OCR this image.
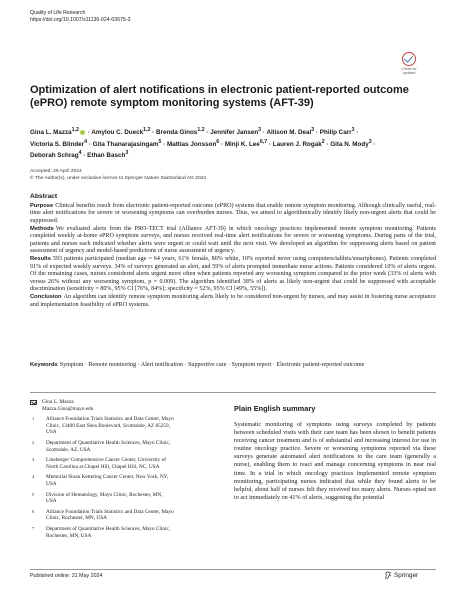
Quality of Life Research
https://doi.org/10.1007/s11136-024-03675-3
Check for
updates
Optimization of alert notifications in electronic patient-reported outcome (ePRO) remote symptom monitoring systems (AFT-39)
Gina L. Mazza$^{1,2}$ · Amylou C. Dueck$^{1,2}$ · Brenda Ginos$^{1,2}$ · Jennifer Jansen$^3$ · Allison M. Deal$^3$ · Philip Carr$^3$ ·
Victoria S. Blinder$^4$ · Gita Thanarajasingam$^5$ · Mattias Jonsson$^6$ · Minji K. Lee$^{6,7}$ · Lauren J. Rogak$^2$ · Gita N. Mody$^3$ ·
Deborah Schrag$^4$ · Ethan Basch$^3$
Accepted: 29 April 2024
© The Author(s), under exclusive licence to Springer Nature Switzerland AG 2024
Abstract

Purpose Clinical benefits result from electronic patient-reported outcome (ePRO) systems that enable remote symptom monitoring. Although clinically useful, real-time alert notifications for severe or worsening symptoms can overburden nurses. Thus, we aimed to algorithmically identify likely non-urgent alerts that could be suppressed.

Methods We evaluated alerts from the PRO-TECT trial (Alliance AFT-39) in which oncology practices implemented remote symptom monitoring. Patients completed weekly at-home ePRO symptom surveys, and nurses received real-time alert notifications for severe or worsening symptoms. During parts of the trial, patients and nurses each indicated whether alerts were urgent or could wait until the next visit. We developed an algorithm for suppressing alerts based on patient assessment of urgency and model-based predictions of nurse assessment of urgency.

Results 593 patients participated (median age = 64 years, 61% female, 80% white, 10% reported never using computers/tablets/smartphones). Patients completed 91% of expected weekly surveys. 34% of surveys generated an alert, and 59% of alerts prompted immediate nurse actions. Patients considered 10% of alerts urgent. Of the remaining cases, nurses considered alerts urgent more often when patients reported any worsening symptom compared to the prior week (33% of alerts with versus 26% without any worsening symptom, p = 0.009). The algorithm identified 38% of alerts as likely non-urgent that could be suppressed with acceptable discrimination (sensitivity = 80%, 95% CI [76%, 84%]; specificity = 52%, 95% CI [49%, 55%]).

Conclusion An algorithm can identify remote symptom monitoring alerts likely to be considered non-urgent by nurses, and may assist in fostering nurse acceptance and implementation feasibility of ePRO systems.

Keywords Symptom · Remote monitoring · Alert notification · Supportive care · Symptom report · Electronic patient-reported outcome
Gina L. Mazza
Mazza.Gina@mayo.edu
1	Alliance Foundation Trials Statistics and Data Center, Mayo Clinic, 13400 East Shea Boulevard, Scottsdale, AZ 85259, USA
2	Department of Quantitative Health Sciences, Mayo Clinic, Scottsdale, AZ, USA
3	Lineberger Comprehensive Cancer Center, University of North Carolina at Chapel Hill, Chapel Hill, NC, USA
4	Memorial Sloan Kettering Cancer Center, New York, NY, USA
5	Division of Hematology, Mayo Clinic, Rochester, MN, USA
6	Alliance Foundation Trials Statistics and Data Center, Mayo Clinic, Rochester, MN, USA
7	Department of Quantitative Health Sciences, Mayo Clinic, Rochester, MN, USA
Plain English summary

Systematic monitoring of symptoms using surveys completed by patients between scheduled visits with their care team has been shown to benefit patients receiving cancer treatment and is of substantial and increasing interest for use in routine oncology practice. Severe or worsening symptoms reported via these surveys generate automated alert notifications to the care team (generally a nurse), enabling them to react and manage concerning symptoms in near real time. In a trial in which oncology practices implemented remote symptom monitoring, participating nurses indicated that while they found alerts to be helpful, about half of nurses felt they received too many alerts. Nurses opted not to act immediately on 41% of alerts, suggesting the potential

Published online: 21 May 2024	Springer
